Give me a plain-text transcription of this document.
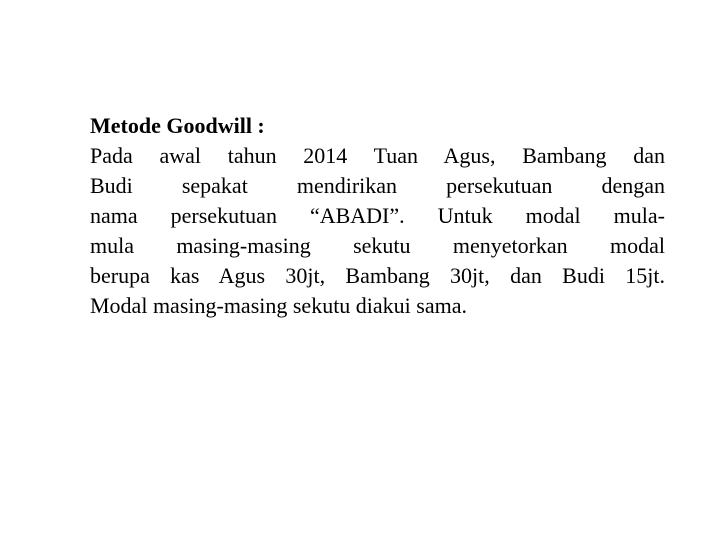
Metode Goodwill :

Pada awal tahun 2014 Tuan Agus, Bambang dan

Budi sepakat mendirikan persekutuan dengan

nama persekutuan “ABADI”. Untuk modal mula-

mula masing-masing sekutu menyetorkan modal

berupa kas Agus 30jt, Bambang 30jt, dan Budi 15jt.

Modal masing-masing sekutu diakui sama.
